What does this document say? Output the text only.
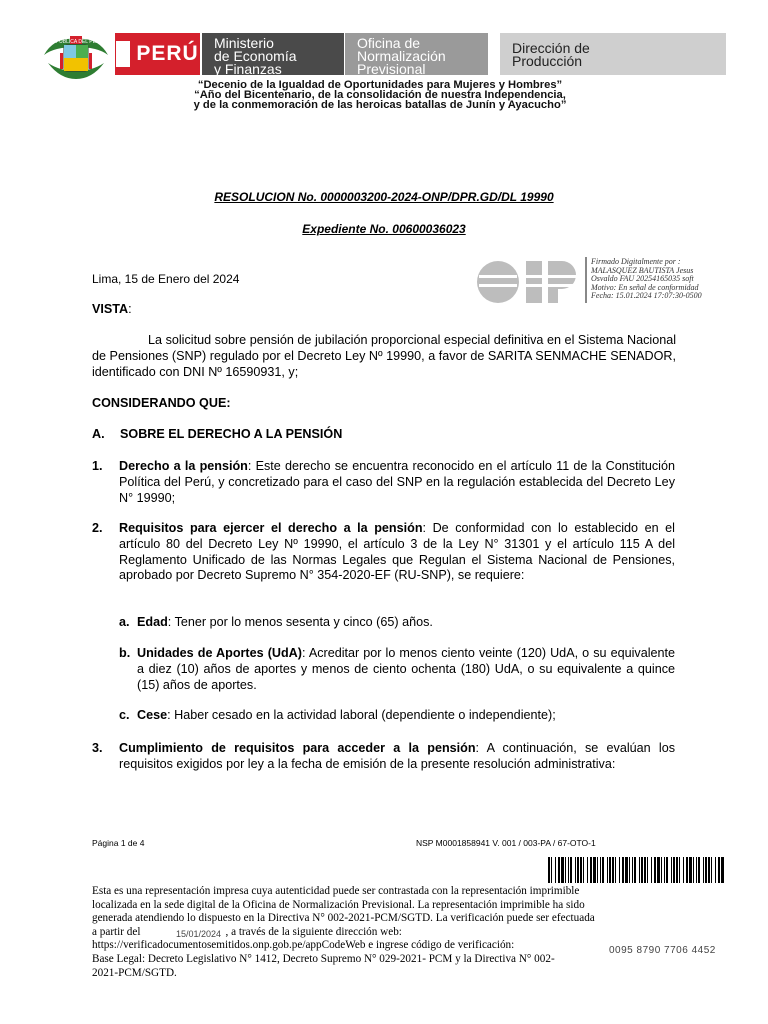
REPÚBLICA DEL PERÚ PERÚ Ministerio
de Economía
y Finanzas
Oficina de
Normalización
Previsional
Dirección de
Producción
“Decenio de la Igualdad de Oportunidades para Mujeres y Hombres”
“Año del Bicentenario, de la consolidación de nuestra Independencia,
y de la conmemoración de las heroicas batallas de Junín y Ayacucho”
RESOLUCION No. 0000003200-2024-ONP/DPR.GD/DL 19990
Expediente No. 00600036023
Lima, 15 de Enero del 2024
Firmado Digitalmente por :
MALASQUEZ BAUTISTA Jesus
Osvaldo FAU 20254165035 soft
Motivo: En señal de conformidad
Fecha: 15.01.2024 17:07:30-0500
VISTA:
La solicitud sobre pensión de jubilación proporcional especial definitiva en el Sistema Nacional de Pensiones (SNP) regulado por el Decreto Ley Nº 19990, a favor de SARITA SENMACHE SENADOR, identificado con DNI Nº 16590931, y;
CONSIDERANDO QUE:
A. SOBRE EL DERECHO A LA PENSIÓN
1. Derecho a la pensión: Este derecho se encuentra reconocido en el artículo 11 de la Constitución Política del Perú, y concretizado para el caso del SNP en la regulación establecida del Decreto Ley N° 19990;
2. Requisitos para ejercer el derecho a la pensión: De conformidad con lo establecido en el artículo 80 del Decreto Ley Nº 19990, el artículo 3 de la Ley N° 31301 y el artículo 115 A del Reglamento Unificado de las Normas Legales que Regulan el Sistema Nacional de Pensiones, aprobado por Decreto Supremo N° 354-2020-EF (RU-SNP), se requiere:
a. Edad: Tener por lo menos sesenta y cinco (65) años.
b. Unidades de Aportes (UdA): Acreditar por lo menos ciento veinte (120) UdA, o su equivalente a diez (10) años de aportes y menos de ciento ochenta (180) UdA, o su equivalente a quince (15) años de aportes.
c. Cese: Haber cesado en la actividad laboral (dependiente o independiente);
3. Cumplimiento de requisitos para acceder a la pensión: A continuación, se evalúan los requisitos exigidos por ley a la fecha de emisión de la presente resolución administrativa:
Página 1 de 4	NSP M0001858941 V. 001 / 003-PA / 67-OTO-1
Esta es una representación impresa cuya autenticidad puede ser contrastada con la representación imprimible
localizada en la sede digital de la Oficina de Normalización Previsional. La representación imprimible ha sido
generada atendiendo lo dispuesto en la Directiva N° 002-2021-PCM/SGTD. La verificación puede ser efectuada
a partir del	, a través de la siguiente dirección web:
https://verificadocumentosemitidos.onp.gob.pe/appCodeWeb e ingrese código de verificación:
Base Legal: Decreto Legislativo N° 1412, Decreto Supremo N° 029-2021- PCM y la Directiva N° 002-
2021-PCM/SGTD.
15/01/2024
0095 8790 7706 4452
